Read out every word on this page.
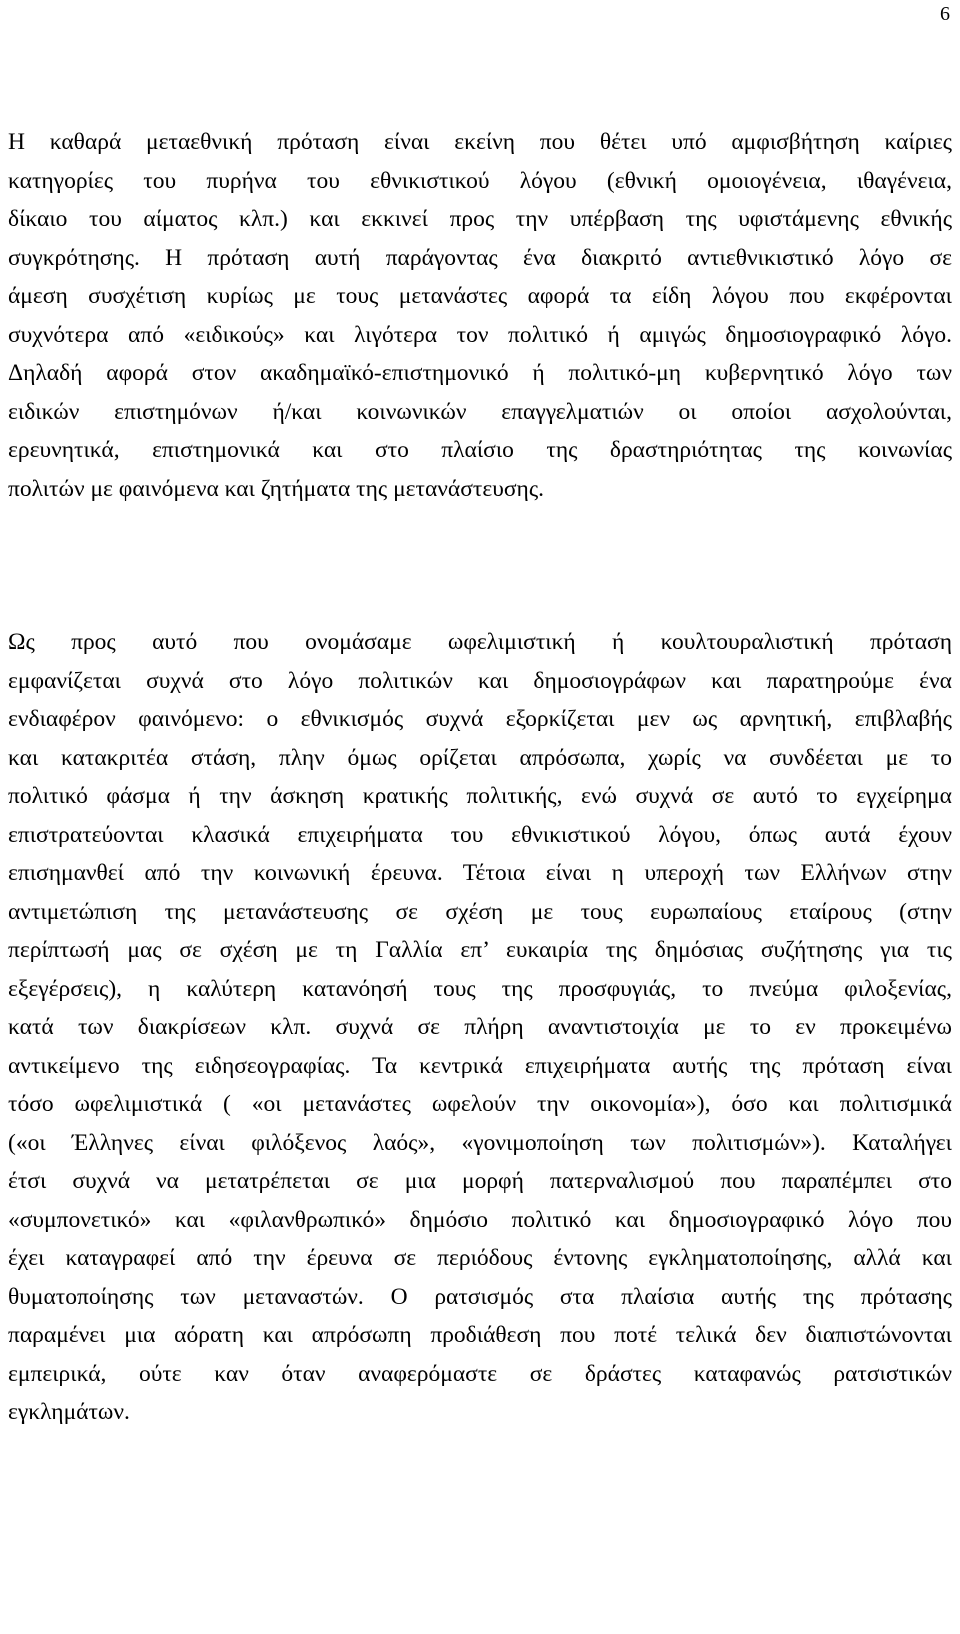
6

Η καθαρά μεταεθνική πρόταση είναι εκείνη που θέτει υπό αμφισβήτηση καίριες
κατηγορίες του πυρήνα του εθνικιστικού λόγου (εθνική ομοιογένεια, ιθαγένεια,
δίκαιο του αίματος κλπ.) και εκκινεί προς την υπέρβαση της υφιστάμενης εθνικής
συγκρότησης. Η πρόταση αυτή παράγοντας ένα διακριτό αντιεθνικιστικό λόγο σε
άμεση συσχέτιση κυρίως με τους μετανάστες αφορά τα είδη λόγου που εκφέρονται
συχνότερα από «ειδικούς» και λιγότερα τον πολιτικό ή αμιγώς δημοσιογραφικό λόγο.
Δηλαδή αφορά στον ακαδημαϊκό-επιστημονικό ή πολιτικό-μη κυβερνητικό λόγο των
ειδικών επιστημόνων ή/και κοινωνικών επαγγελματιών οι οποίοι ασχολούνται,
ερευνητικά, επιστημονικά και στο πλαίσιο της δραστηριότητας της κοινωνίας
πολιτών με φαινόμενα και ζητήματα της μετανάστευσης.

Ως προς αυτό που ονομάσαμε ωφελιμιστική ή κουλτουραλιστική πρόταση
εμφανίζεται συχνά στο λόγο πολιτικών και δημοσιογράφων και παρατηρούμε ένα
ενδιαφέρον φαινόμενο: ο εθνικισμός συχνά εξορκίζεται μεν ως αρνητική, επιβλαβής
και κατακριτέα στάση, πλην όμως ορίζεται απρόσωπα, χωρίς να συνδέεται με το
πολιτικό φάσμα ή την άσκηση κρατικής πολιτικής, ενώ συχνά σε αυτό το εγχείρημα
επιστρατεύονται κλασικά επιχειρήματα του εθνικιστικού λόγου, όπως αυτά έχουν
επισημανθεί από την κοινωνική έρευνα. Τέτοια είναι η υπεροχή των Ελλήνων στην
αντιμετώπιση της μετανάστευσης σε σχέση με τους ευρωπαίους εταίρους (στην
περίπτωσή μας σε σχέση με τη Γαλλία επ’ ευκαιρία της δημόσιας συζήτησης για τις
εξεγέρσεις), η καλύτερη κατανόησή τους της προσφυγιάς, το πνεύμα φιλοξενίας,
κατά των διακρίσεων κλπ. συχνά σε πλήρη αναντιστοιχία με το εν προκειμένω
αντικείμενο της ειδησεογραφίας. Τα κεντρικά επιχειρήματα αυτής της πρόταση είναι
τόσο ωφελιμιστικά ( «οι μετανάστες ωφελούν την οικονομία»), όσο και πολιτισμικά
(«οι Έλληνες είναι φιλόξενος λαός», «γονιμοποίηση των πολιτισμών»). Καταλήγει
έτσι συχνά να μετατρέπεται σε μια μορφή πατερναλισμού που παραπέμπει στο
«συμπονετικό» και «φιλανθρωπικό» δημόσιο πολιτικό και δημοσιογραφικό λόγο που
έχει καταγραφεί από την έρευνα σε περιόδους έντονης εγκληματοποίησης, αλλά και
θυματοποίησης των μεταναστών. Ο ρατσισμός στα πλαίσια αυτής της πρότασης
παραμένει μια αόρατη και απρόσωπη προδιάθεση που ποτέ τελικά δεν διαπιστώνονται
εμπειρικά, ούτε καν όταν αναφερόμαστε σε δράστες καταφανώς ρατσιστικών
εγκλημάτων.
